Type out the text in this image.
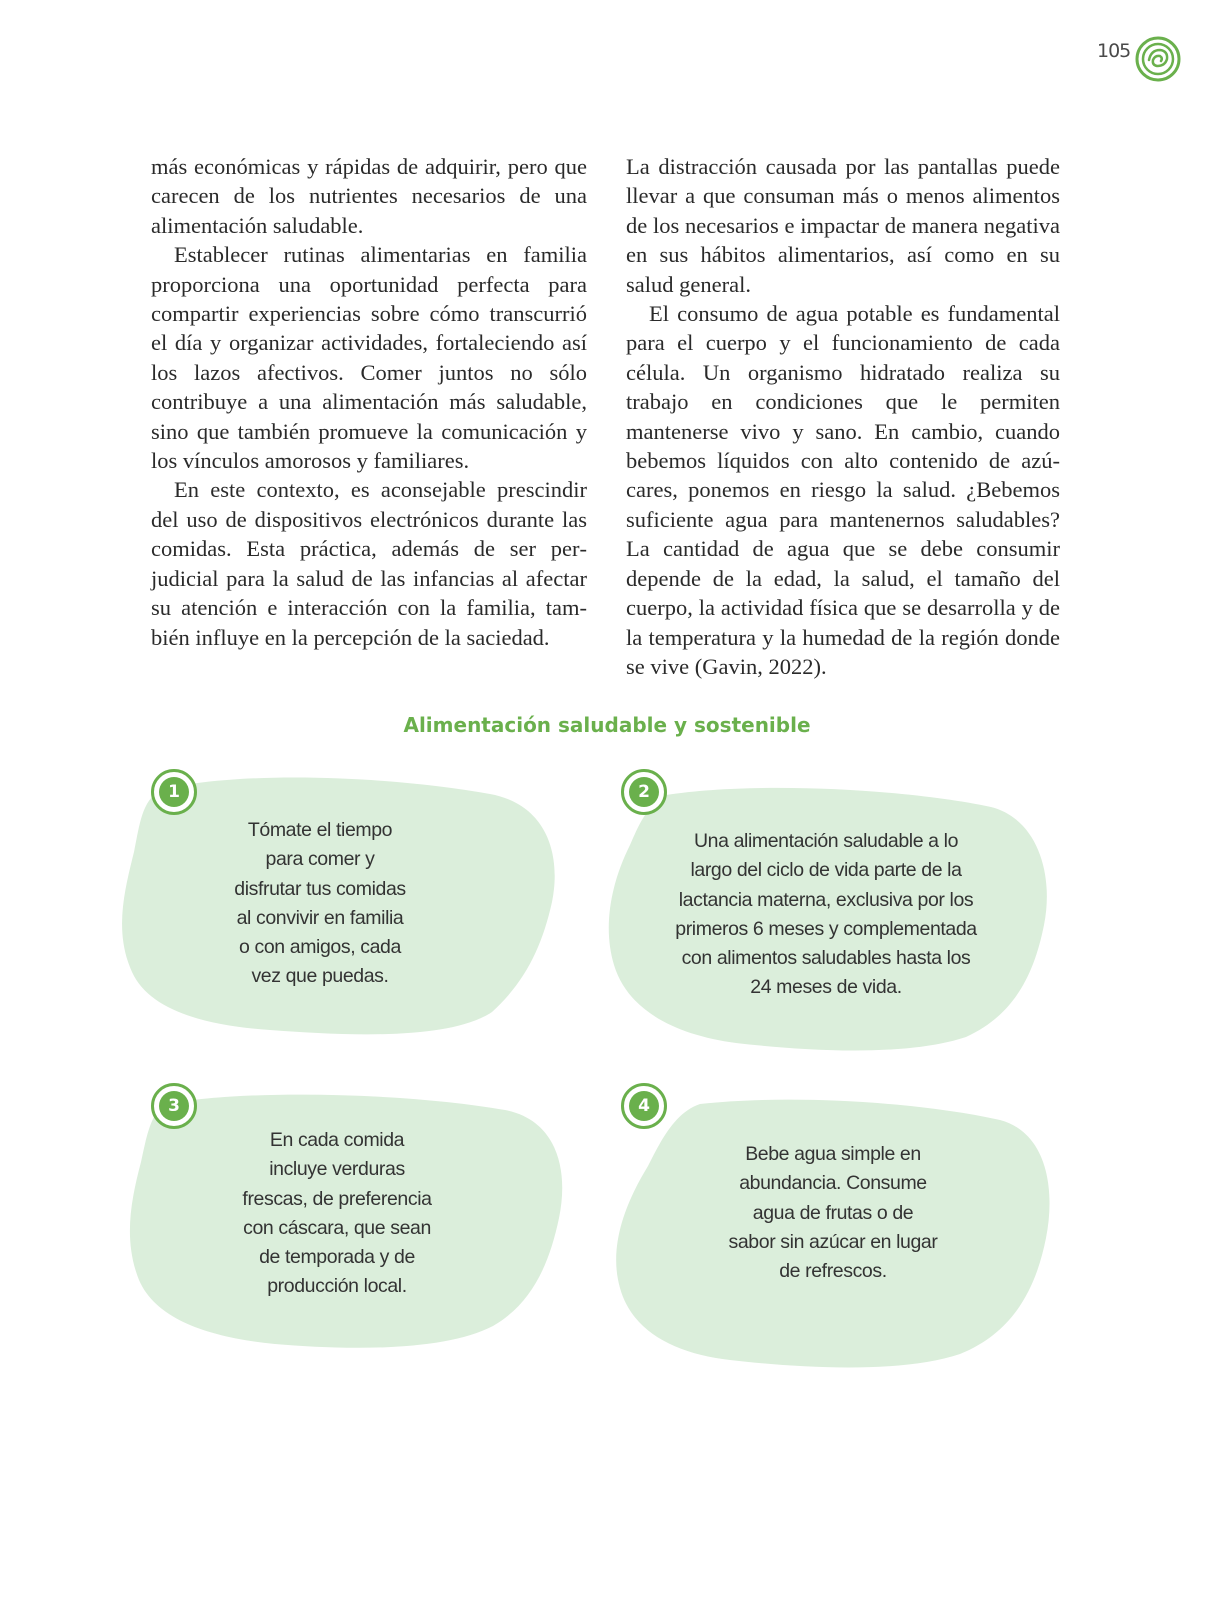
105

más económicas y rápidas de adquirir, pero que carecen de los nutrientes necesarios de una alimentación saludable.

Establecer rutinas alimentarias en familia proporciona una oportunidad perfecta para compartir experiencias sobre cómo transcurrió el día y organizar actividades, fortaleciendo así los lazos afectivos. Comer juntos no sólo contribuye a una alimentación más saludable, sino que también promueve la comunicación y los vínculos amorosos y familiares.

En este contexto, es aconsejable prescindir del uso de dispositivos electrónicos durante las comidas. Esta práctica, además de ser perjudicial para la salud de las infancias al afectar su atención e interacción con la familia, también influye en la percepción de la saciedad.

La distracción causada por las pantallas puede llevar a que consuman más o menos alimentos de los necesarios e impactar de manera negativa en sus hábitos alimentarios, así como en su salud general.

El consumo de agua potable es fundamental para el cuerpo y el funcionamiento de cada célula. Un organismo hidratado realiza su trabajo en condiciones que le permiten mantenerse vivo y sano. En cambio, cuando bebemos líquidos con alto contenido de azúcares, ponemos en riesgo la salud. ¿Bebemos suficiente agua para mantenernos saludables? La cantidad de agua que se debe consumir depende de la edad, la salud, el tamaño del cuerpo, la actividad física que se desarrolla y de la temperatura y la humedad de la región donde se vive (Gavin, 2022).

Alimentación saludable y sostenible
Tómate el tiempo
para comer y
disfrutar tus comidas
al convivir en familia
o con amigos, cada
vez que puedas.
Una alimentación saludable a lo
largo del ciclo de vida parte de la
lactancia materna, exclusiva por los
primeros 6 meses y complementada
con alimentos saludables hasta los
24 meses de vida.
En cada comida
incluye verduras
frescas, de preferencia
con cáscara, que sean
de temporada y de
producción local.
Bebe agua simple en
abundancia. Consume
agua de frutas o de
sabor sin azúcar en lugar
de refrescos.
1	2
3	4
